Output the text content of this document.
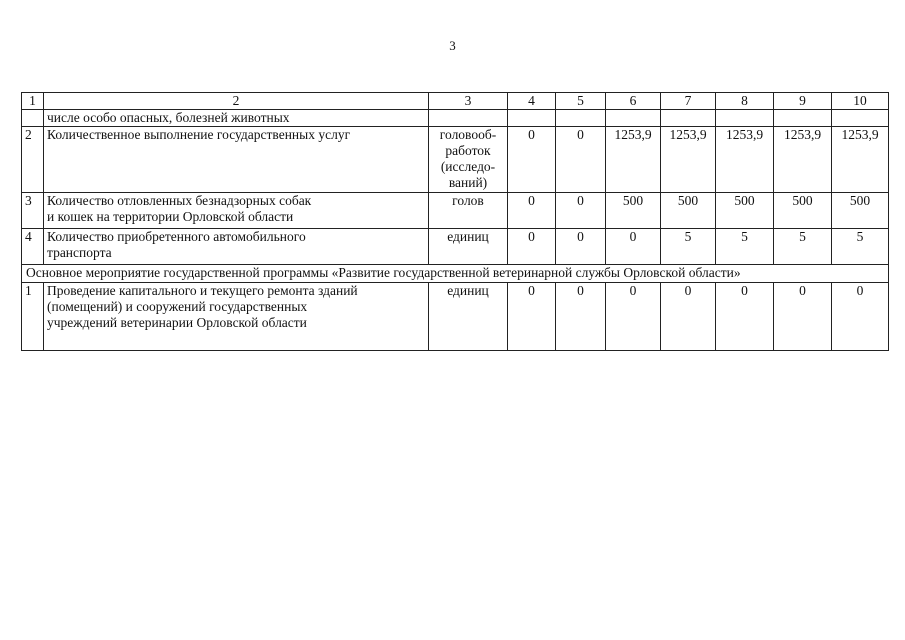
3
1	2	3	4	5	6	7	8	9	10
	числе особо опасных, болезней животных								
2	Количественное выполнение государственных услуг	головооб-
работок
(исследо-
ваний)	0	0	1253,9	1253,9	1253,9	1253,9	1253,9
3	Количество отловленных безнадзорных собак
и кошек на территории Орловской области	голов	0	0	500	500	500	500	500
4	Количество приобретенного автомобильного
транспорта	единиц	0	0	0	5	5	5	5
Основное мероприятие государственной программы «Развитие государственной ветеринарной службы Орловской области»									
1	Проведение капитального и текущего ремонта зданий
(помещений) и сооружений государственных
учреждений ветеринарии Орловской области	единиц	0	0	0	0	0	0	0
